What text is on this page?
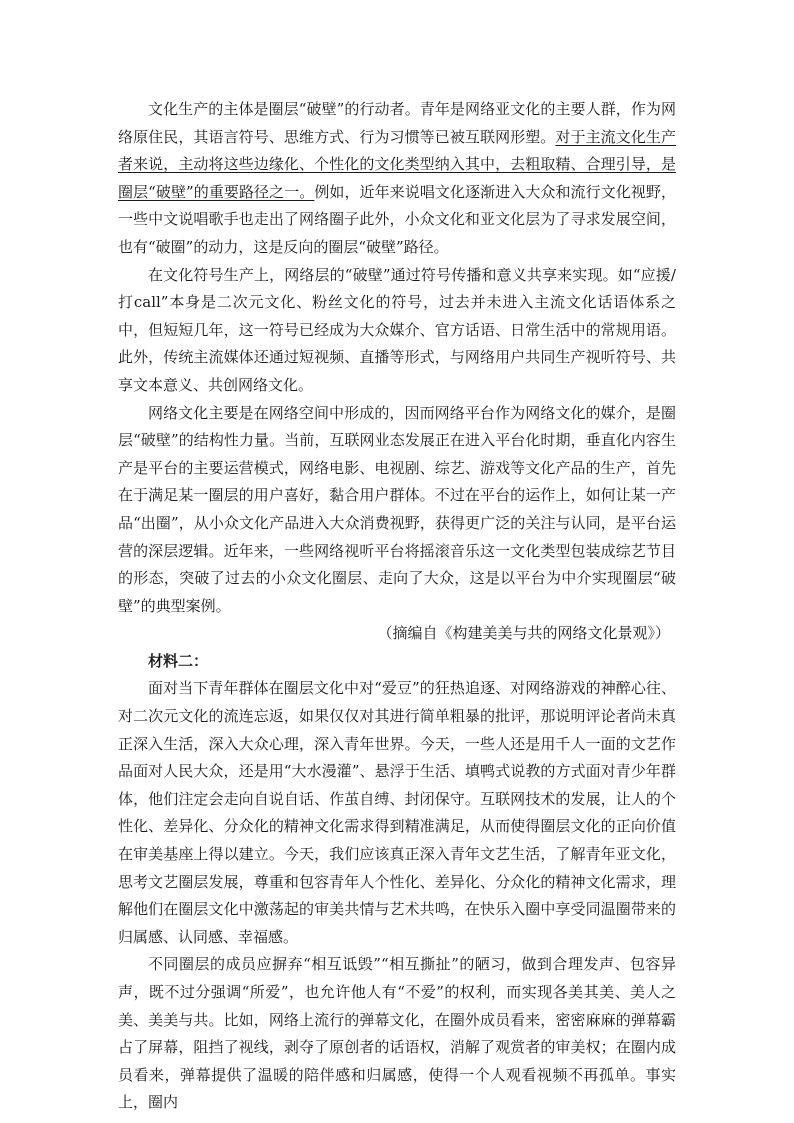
文化生产的主体是圈层“破壁”的行动者。青年是网络亚文化的主要人群，作为网络原住民，其语言符号、思维方式、行为习惯等已被互联网形塑。对于主流文化生产者来说，主动将这些边缘化、个性化的文化类型纳入其中，去粗取精、合理引导，是圈层“破壁”的重要路径之一。例如，近年来说唱文化逐渐进入大众和流行文化视野，一些中文说唱歌手也走出了网络圈子此外，小众文化和亚文化层为了寻求发展空间，也有“破圈”的动力，这是反向的圈层“破壁”路径。

在文化符号生产上，网络层的“破壁”通过符号传播和意义共享来实现。如“应援/打call”本身是二次元文化、粉丝文化的符号，过去并未进入主流文化话语体系之中，但短短几年，这一符号已经成为大众媒介、官方话语、日常生活中的常规用语。此外，传统主流媒体还通过短视频、直播等形式，与网络用户共同生产视听符号、共享文本意义、共创网络文化。

网络文化主要是在网络空间中形成的，因而网络平台作为网络文化的媒介，是圈层“破壁”的结构性力量。当前，互联网业态发展正在进入平台化时期，垂直化内容生产是平台的主要运营模式，网络电影、电视剧、综艺、游戏等文化产品的生产，首先在于满足某一圈层的用户喜好，黏合用户群体。不过在平台的运作上，如何让某一产品“出圈”，从小众文化产品进入大众消费视野，获得更广泛的关注与认同，是平台运营的深层逻辑。近年来，一些网络视听平台将摇滚音乐这一文化类型包装成综艺节目的形态，突破了过去的小众文化圈层、走向了大众，这是以平台为中介实现圈层“破壁”的典型案例。

（摘编自《构建美美与共的网络文化景观》）

材料二：

面对当下青年群体在圈层文化中对“爱豆”的狂热追逐、对网络游戏的神醉心往、对二次元文化的流连忘返，如果仅仅对其进行简单粗暴的批评，那说明评论者尚未真正深入生活，深入大众心理，深入青年世界。今天，一些人还是用千人一面的文艺作品面对人民大众，还是用“大水漫灌”、悬浮于生活、填鸭式说教的方式面对青少年群体，他们注定会走向自说自话、作茧自缚、封闭保守。互联网技术的发展，让人的个性化、差异化、分众化的精神文化需求得到精准满足，从而使得圈层文化的正向价值在审美基座上得以建立。今天，我们应该真正深入青年文艺生活，了解青年亚文化，思考文艺圈层发展，尊重和包容青年人个性化、差异化、分众化的精神文化需求，理解他们在圈层文化中激荡起的审美共情与艺术共鸣，在快乐入圈中享受同温圈带来的归属感、认同感、幸福感。

不同圈层的成员应摒弃“相互诋毁”“相互撕扯”的陋习，做到合理发声、包容异声，既不过分强调“所爱”，也允许他人有“不爱”的权利，而实现各美其美、美人之美、美美与共。比如，网络上流行的弹幕文化，在圈外成员看来，密密麻麻的弹幕霸占了屏幕，阻挡了视线，剥夺了原创者的话语权，消解了观赏者的审美权；在圈内成员看来，弹幕提供了温暖的陪伴感和归属感，使得一个人观看视频不再孤单。事实上，圈内
